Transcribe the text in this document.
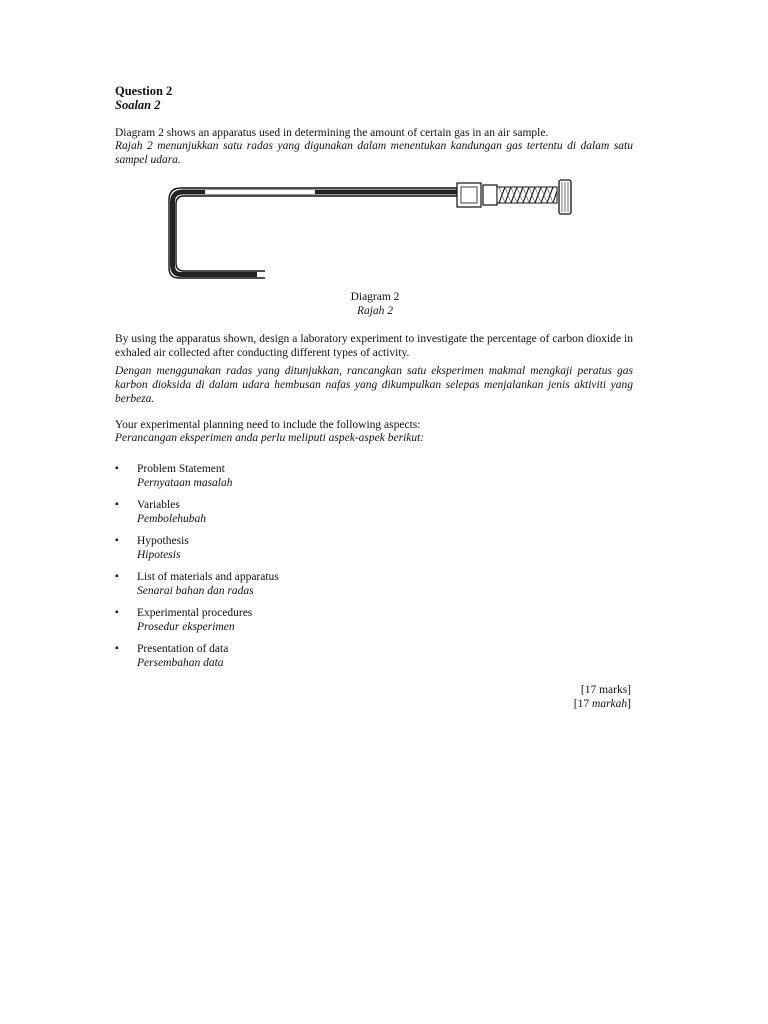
Question 2
Soalan 2
Diagram 2 shows an apparatus used in determining the amount of certain gas in an air sample.
Rajah 2 menunjukkan satu radas yang digunakan dalam menentukan kandungan gas tertentu di dalam satu sampel udara.
Diagram 2
Rajah 2
By using the apparatus shown, design a laboratory experiment to investigate the percentage of carbon dioxide in exhaled air collected after conducting different types of activity.
Dengan menggunakan radas yang ditunjukkan, rancangkan satu eksperimen makmal mengkaji peratus gas karbon dioksida di dalam udara hembusan nafas yang dikumpulkan selepas menjalankan jenis aktiviti yang berbeza.
Your experimental planning need to include the following aspects:
Perancangan eksperimen anda perlu meliputi aspek-aspek berikut:
▪ Problem Statement
Pernyataan masalah
▪ Variables
Pembolehubah
▪ Hypothesis
Hipotesis
▪ List of materials and apparatus
Senarai bahan dan radas
▪ Experimental procedures
Prosedur eksperimen
▪ Presentation of data
Persembahan data
[17 marks]
[17 markah]
